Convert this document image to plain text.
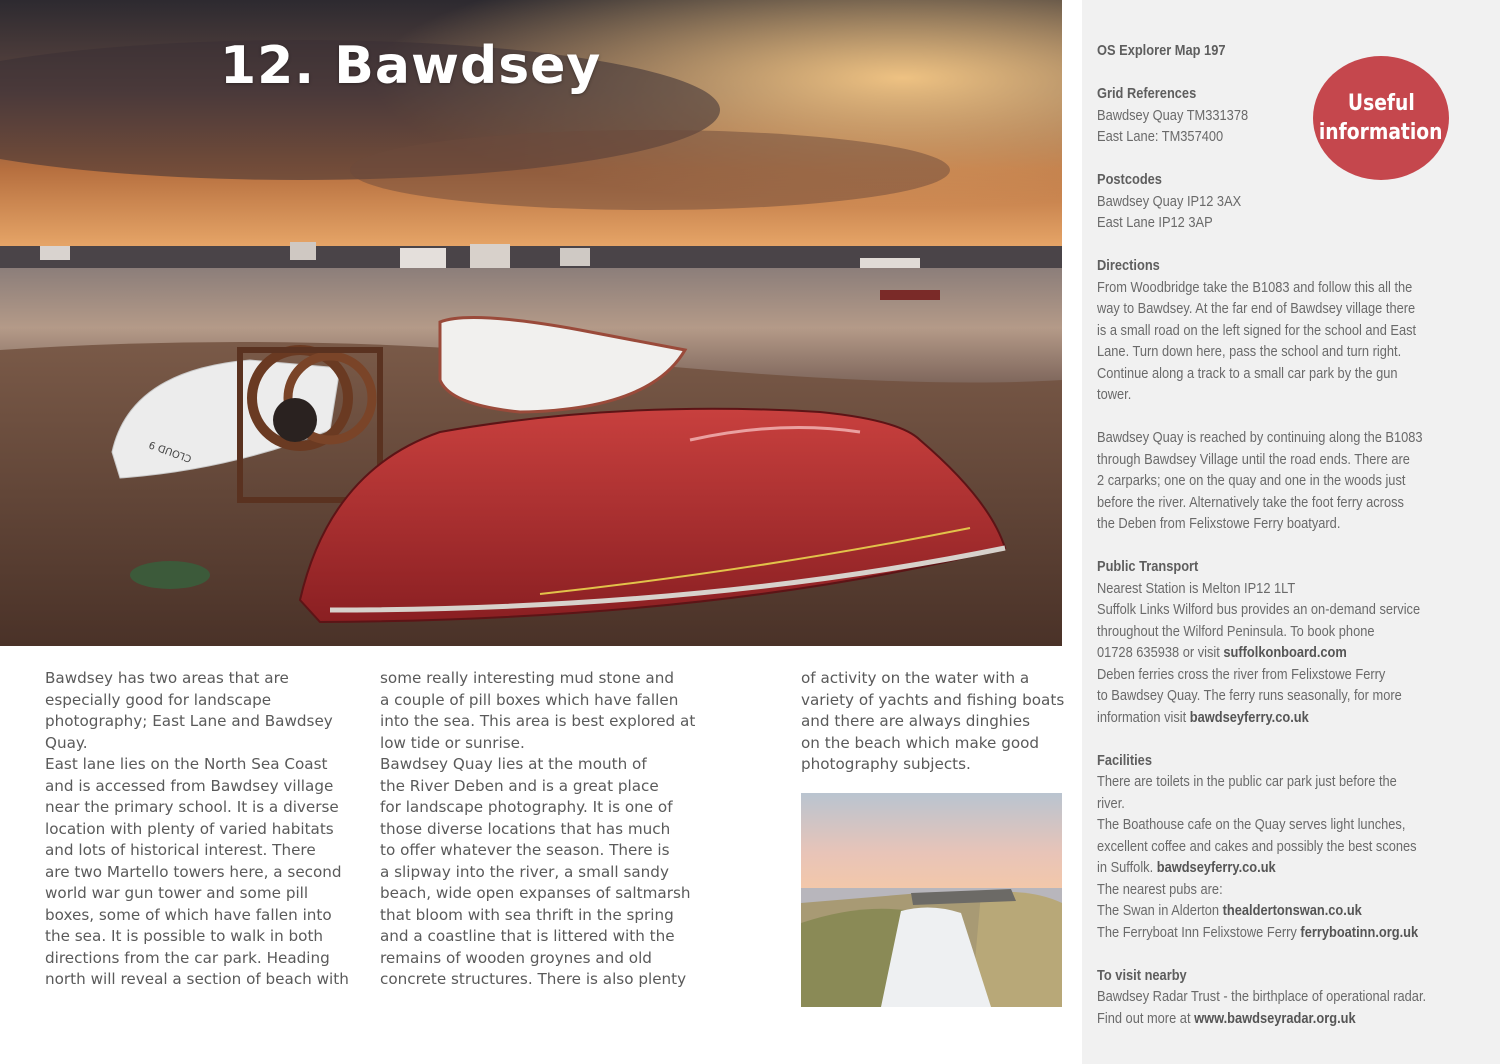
CLOUD 9
12. Bawdsey
Bawdsey has two areas that are
especially good for landscape
photography; East Lane and Bawdsey
Quay.
East lane lies on the North Sea Coast
and is accessed from Bawdsey village
near the primary school. It is a diverse
location with plenty of varied habitats
and lots of historical interest. There
are two Martello towers here, a second
world war gun tower and some pill
boxes, some of which have fallen into
the sea. It is possible to walk in both
directions from the car park. Heading
north will reveal a section of beach with
some really interesting mud stone and
a couple of pill boxes which have fallen
into the sea. This area is best explored at
low tide or sunrise.
Bawdsey Quay lies at the mouth of
the River Deben and is a great place
for landscape photography. It is one of
those diverse locations that has much
to offer whatever the season. There is
a slipway into the river, a small sandy
beach, wide open expanses of saltmarsh
that bloom with sea thrift in the spring
and a coastline that is littered with the
remains of wooden groynes and old
concrete structures. There is also plenty
of activity on the water with a
variety of yachts and fishing boats
and there are always dinghies
on the beach which make good
photography subjects.
OS Explorer Map 197
Grid References
Bawdsey Quay TM331378
East Lane: TM357400
Postcodes
Bawdsey Quay IP12 3AX
East Lane IP12 3AP
Directions
From Woodbridge take the B1083 and follow this all the
way to Bawdsey. At the far end of Bawdsey village there
is a small road on the left signed for the school and East
Lane. Turn down here, pass the school and turn right.
Continue along a track to a small car park by the gun
tower.
Bawdsey Quay is reached by continuing along the B1083
through Bawdsey Village until the road ends. There are
2 carparks; one on the quay and one in the woods just
before the river. Alternatively take the foot ferry across
the Deben from Felixstowe Ferry boatyard.
Public Transport
Nearest Station is Melton IP12 1LT
Suffolk Links Wilford bus provides an on-demand service
throughout the Wilford Peninsula. To book phone
01728 635938 or visit suffolkonboard.com
Deben ferries cross the river from Felixstowe Ferry
to Bawdsey Quay. The ferry runs seasonally, for more
information visit bawdseyferry.co.uk
Facilities
There are toilets in the public car park just before the
river.
The Boathouse cafe on the Quay serves light lunches,
excellent coffee and cakes and possibly the best scones
in Suffolk. bawdseyferry.co.uk
The nearest pubs are:
The Swan in Alderton thealdertonswan.co.uk
The Ferryboat Inn Felixstowe Ferry ferryboatinn.org.uk
To visit nearby
Bawdsey Radar Trust - the birthplace of operational radar.
Find out more at www.bawdseyradar.org.uk
Useful
information
